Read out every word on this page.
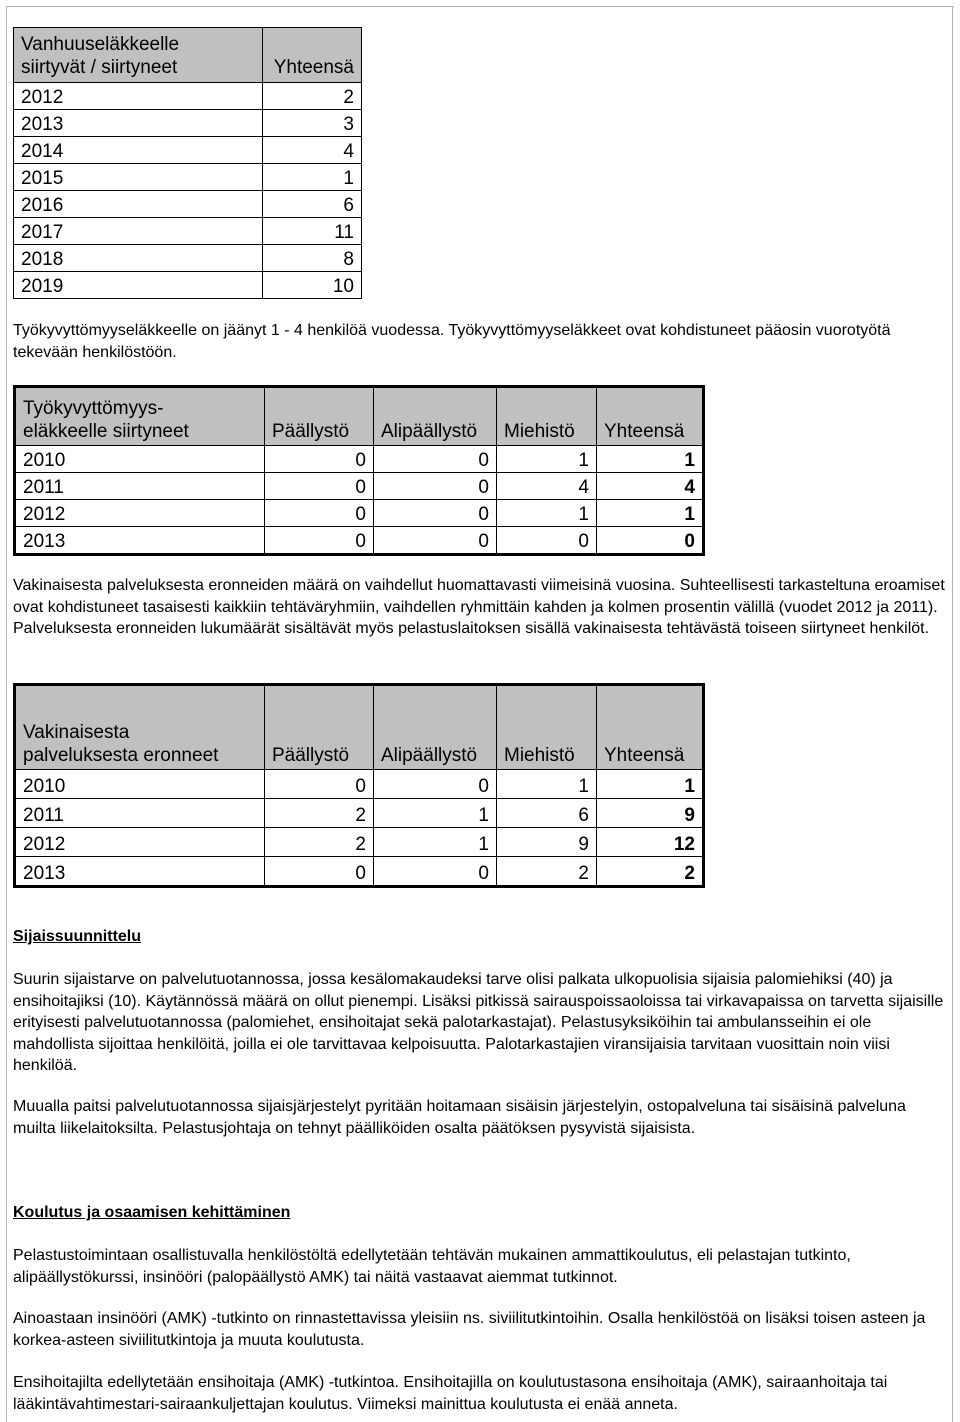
Vanhuuseläkkeelle
siirtyvät / siirtyneet	Yhteensä
2012	2
2013	3
2014	4
2015	1
2016	6
2017	11
2018	8
2019	10

Työkyvyttömyyseläkkeelle on jäänyt 1 - 4 henkilöä vuodessa. Työkyvyttömyyseläkkeet ovat kohdistuneet pääosin vuorotyötä tekevään henkilöstöön.

Työkyvyttömyys-
eläkkeelle siirtyneet	Päällystö	Alipäällystö	Miehistö	Yhteensä
2010	0	0	1	1
2011	0	0	4	4
2012	0	0	1	1
2013	0	0	0	0

Vakinaisesta palveluksesta eronneiden määrä on vaihdellut huomattavasti viimeisinä vuosina. Suhteellisesti tarkasteltuna eroamiset ovat kohdistuneet tasaisesti kaikkiin tehtäväryhmiin, vaihdellen ryhmittäin kahden ja kolmen prosentin välillä (vuodet 2012 ja 2011). Palveluksesta eronneiden lukumäärät sisältävät myös pelastuslaitoksen sisällä vakinaisesta tehtävästä toiseen siirtyneet henkilöt.

Vakinaisesta
palveluksesta eronneet	Päällystö	Alipäällystö	Miehistö	Yhteensä
2010	0	0	1	1
2011	2	1	6	9
2012	2	1	9	12
2013	0	0	2	2
Sijaissuunnittelu

Suurin sijaistarve on palvelutuotannossa, jossa kesälomakaudeksi tarve olisi palkata ulkopuolisia sijaisia palomiehiksi (40) ja ensihoitajiksi (10). Käytännössä määrä on ollut pienempi. Lisäksi pitkissä sairauspoissaoloissa tai virkavapaissa on tarvetta sijaisille erityisesti palvelutuotannossa (palomiehet, ensihoitajat sekä palotarkastajat). Pelastusyksiköihin tai ambulansseihin ei ole mahdollista sijoittaa henkilöitä, joilla ei ole tarvittavaa kelpoisuutta. Palotarkastajien viransijaisia tarvitaan vuosittain noin viisi henkilöä.

Muualla paitsi palvelutuotannossa sijaisjärjestelyt pyritään hoitamaan sisäisin järjestelyin, ostopalveluna tai sisäisinä palveluna muilta liikelaitoksilta. Pelastusjohtaja on tehnyt päälliköiden osalta päätöksen pysyvistä sijaisista.

Koulutus ja osaamisen kehittäminen

Pelastustoimintaan osallistuvalla henkilöstöltä edellytetään tehtävän mukainen ammattikoulutus, eli pelastajan tutkinto, alipäällystökurssi, insinööri (palopäällystö AMK) tai näitä vastaavat aiemmat tutkinnot.

Ainoastaan insinööri (AMK) -tutkinto on rinnastettavissa yleisiin ns. siviilitutkintoihin. Osalla henkilöstöä on lisäksi toisen asteen ja korkea-asteen siviilitutkintoja ja muuta koulutusta.

Ensihoitajilta edellytetään ensihoitaja (AMK) -tutkintoa. Ensihoitajilla on koulutustasona ensihoitaja (AMK), sairaanhoitaja tai lääkintävahtimestari-sairaankuljettajan koulutus. Viimeksi mainittua koulutusta ei enää anneta.
